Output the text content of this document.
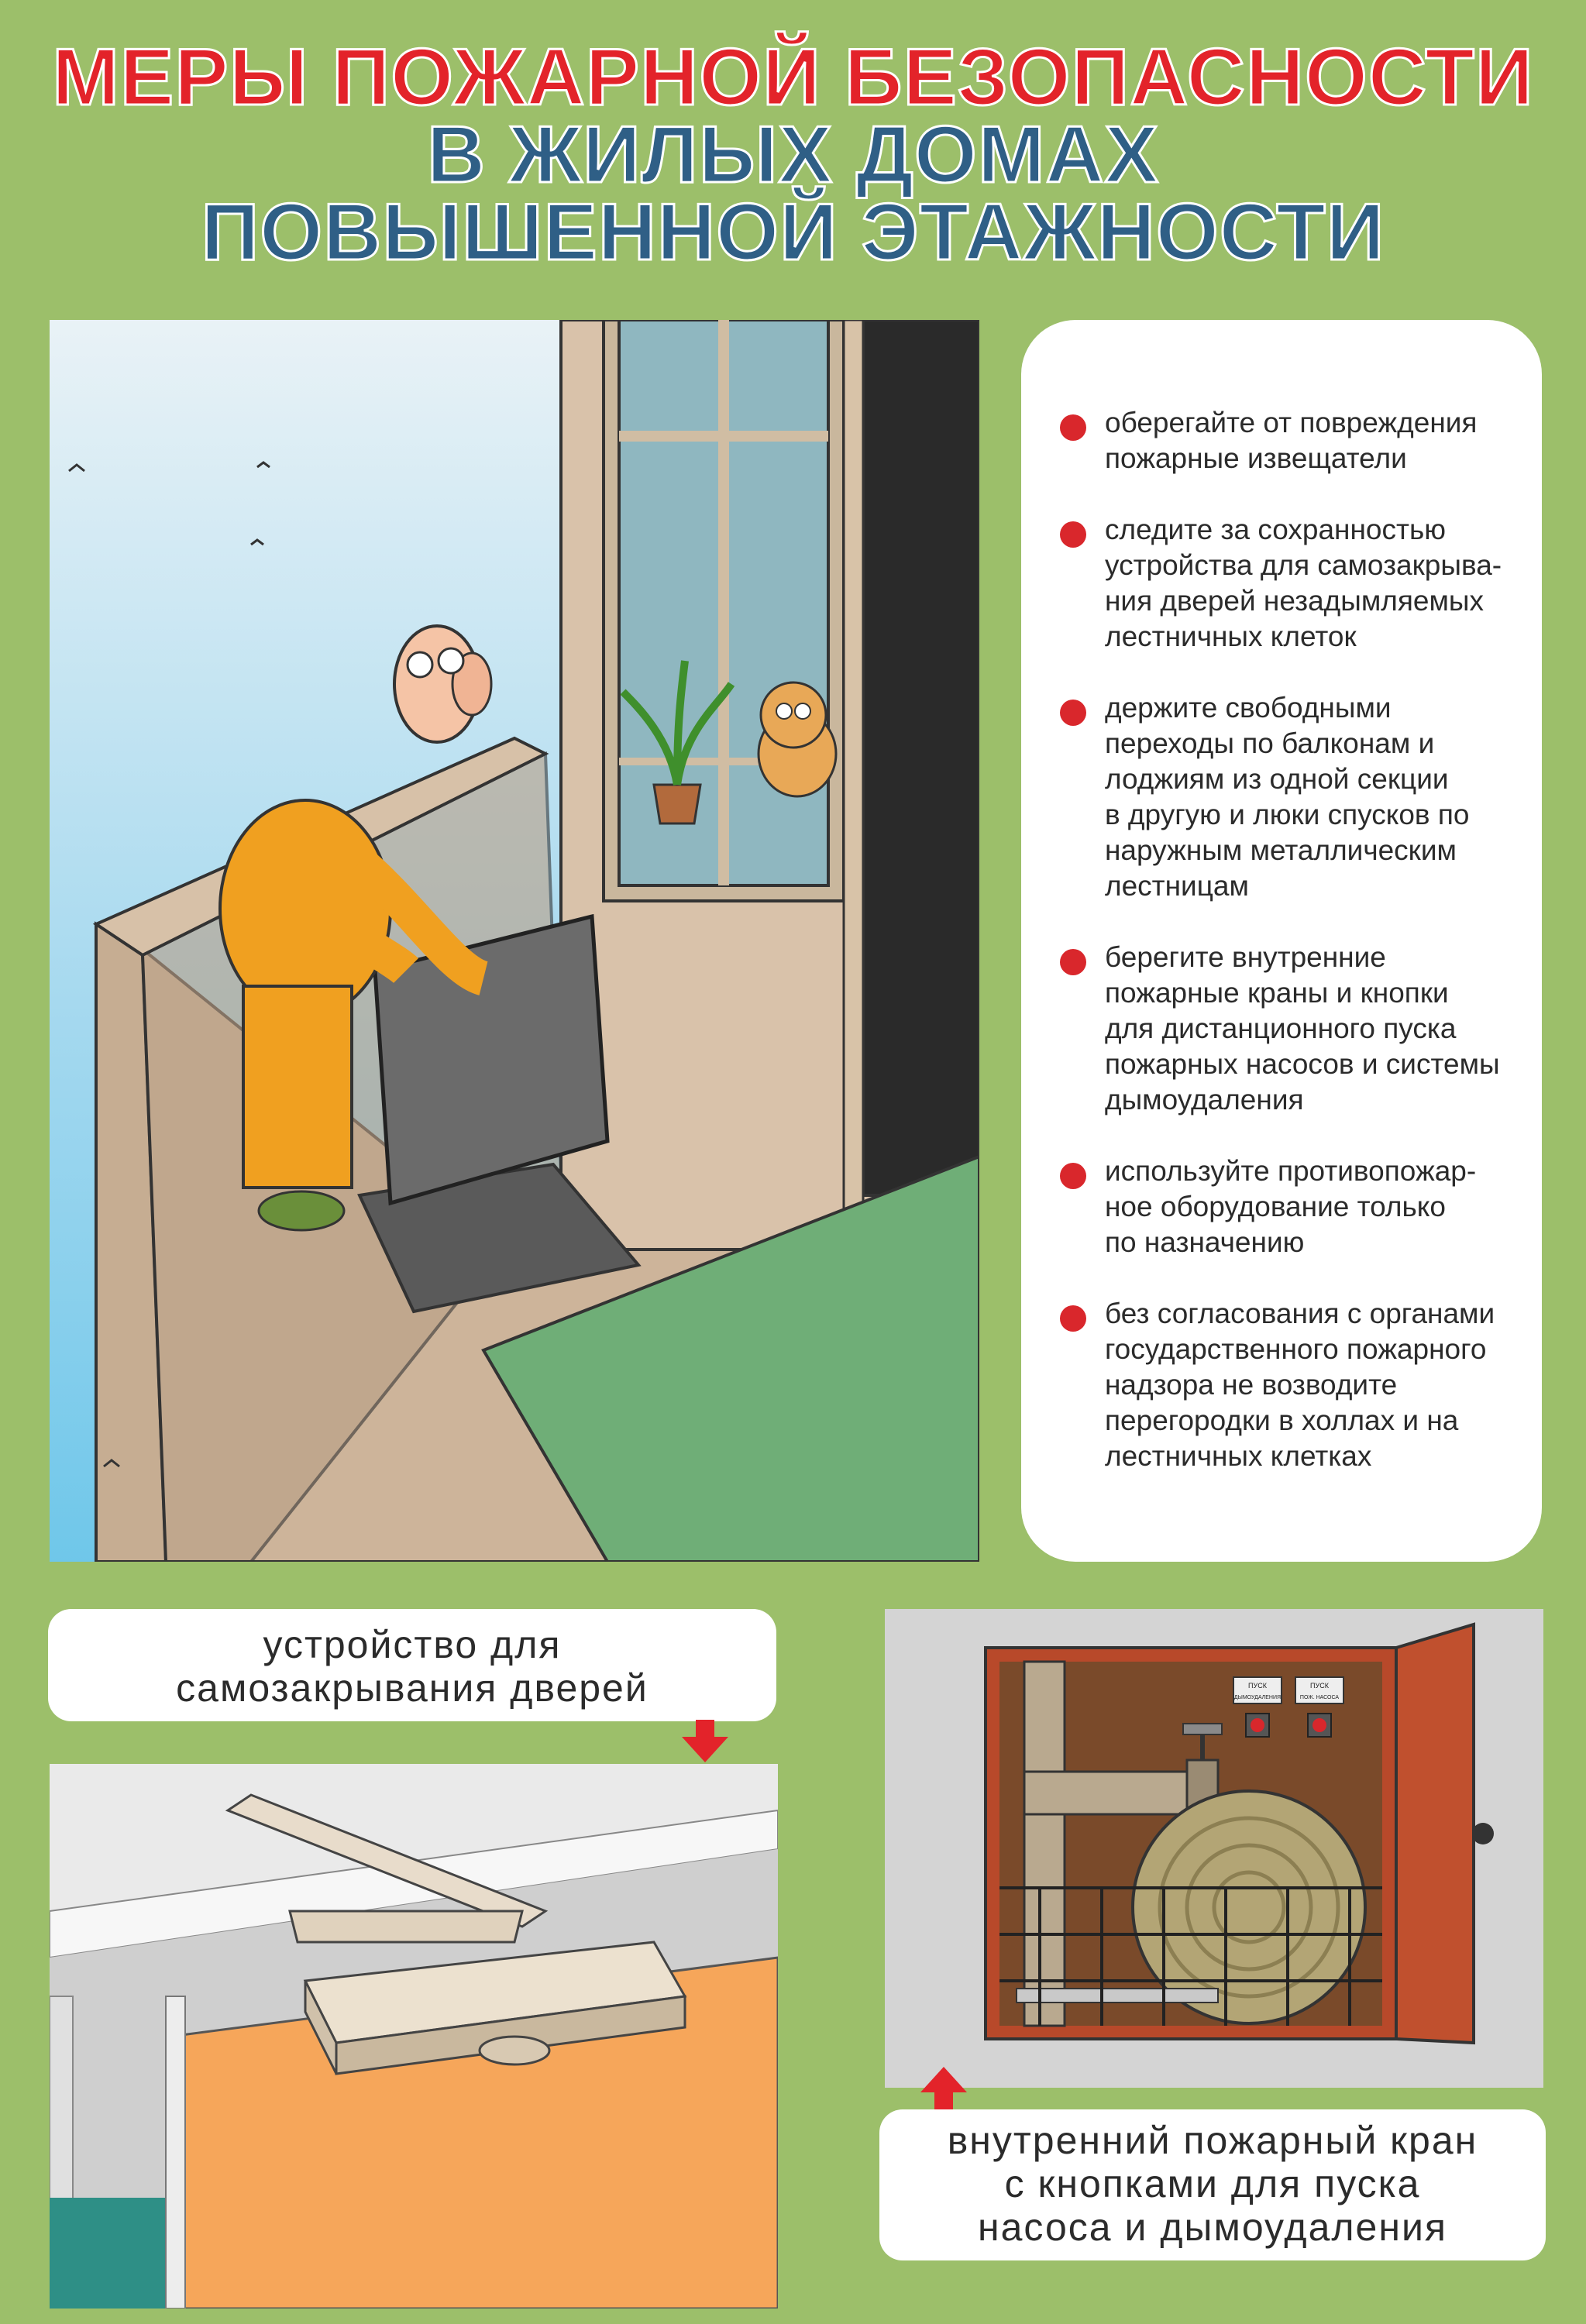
МЕРЫ ПОЖАРНОЙ БЕЗОПАСНОСТИ
В ЖИЛЫХ ДОМАХ
ПОВЫШЕННОЙ ЭТАЖНОСТИ
оберегайте от повреждения
пожарные извещатели
следите за сохранностью
устройства для самозакрыва-
ния дверей незадымляемых
лестничных клеток
держите свободными
переходы по балконам и
лоджиям из одной секции
в другую и люки спусков по
наружным металлическим
лестницам
берегите внутренние
пожарные краны и кнопки
для дистанционного пуска
пожарных насосов и системы
дымоудаления
используйте противопожар-
ное оборудование только
по назначению
без согласования с органами
государственного пожарного
надзора не возводите
перегородки в холлах и на
лестничных клетках
устройство для
самозакрывания дверей	ПУСК
ДЫМОУДАЛЕНИЯ
ПУСК
ПОЖ. НАСОСА
внутренний пожарный кран
с кнопками для пуска
насоса и дымоудаления
